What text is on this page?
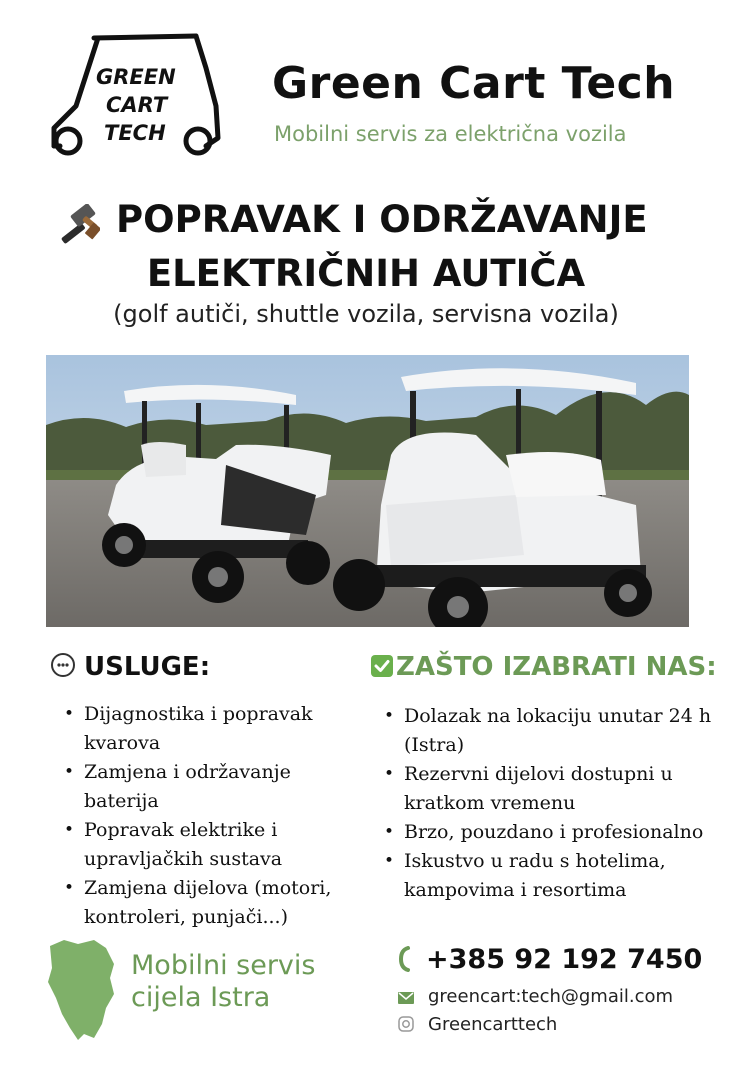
GREEN
CART
TECH
Green Cart Tech
Mobilni servis za električna vozila
POPRAVAK I ODRŽAVANJE
ELEKTRIČNIH AUTIČA
(golf autiči, shuttle vozila, servisna vozila)
USLUGE:
• Dijagnostika i popravak kvarova
• Zamjena i održavanje baterija
• Popravak elektrike i upravljačkih sustava
• Zamjena dijelova (motori, kontroleri, punjači...)
ZAŠTO IZABRATI NAS:
• Dolazak na lokaciju unutar 24 h (Istra)
• Rezervni dijelovi dostupni u kratkom vremenu
• Brzo, pouzdano i profesionalno
• Iskustvo u radu s hotelima, kampovima i resortima
Mobilni servis
cijela Istra
+385 92 192 7450
greencart:tech@gmail.com
Greencarttech
